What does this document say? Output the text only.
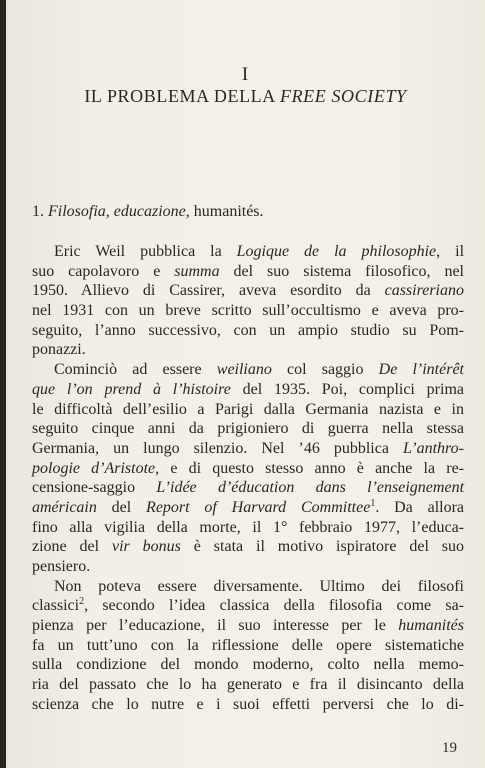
I
IL PROBLEMA DELLA FREE SOCIETY
1. Filosofia, educazione, humanités.
Eric Weil pubblica la Logique de la philosophie, il
suo capolavoro e summa del suo sistema filosofico, nel
1950. Allievo di Cassirer, aveva esordito da cassireriano
nel 1931 con un breve scritto sull’occultismo e aveva pro-
seguito, l’anno successivo, con un ampio studio su Pom-
ponazzi.
Cominciò ad essere weiliano col saggio De l’intérêt
que l’on prend à l’histoire del 1935. Poi, complici prima
le difficoltà dell’esilio a Parigi dalla Germania nazista e in
seguito cinque anni da prigioniero di guerra nella stessa
Germania, un lungo silenzio. Nel ’46 pubblica L’anthro-
pologie d’Aristote, e di questo stesso anno è anche la re-
censione-saggio L’idée d’éducation dans l’enseignement
américain del Report of Harvard Committee$^1$. Da allora
fino alla vigilia della morte, il 1° febbraio 1977, l’educa-
zione del vir bonus è stata il motivo ispiratore del suo
pensiero.
Non poteva essere diversamente. Ultimo dei filosofi
classici$^2$, secondo l’idea classica della filosofia come sa-
pienza per l’educazione, il suo interesse per le humanités
fa un tutt’uno con la riflessione delle opere sistematiche
sulla condizione del mondo moderno, colto nella memo-
ria del passato che lo ha generato e fra il disincanto della
scienza che lo nutre e i suoi effetti perversi che lo di-
19
